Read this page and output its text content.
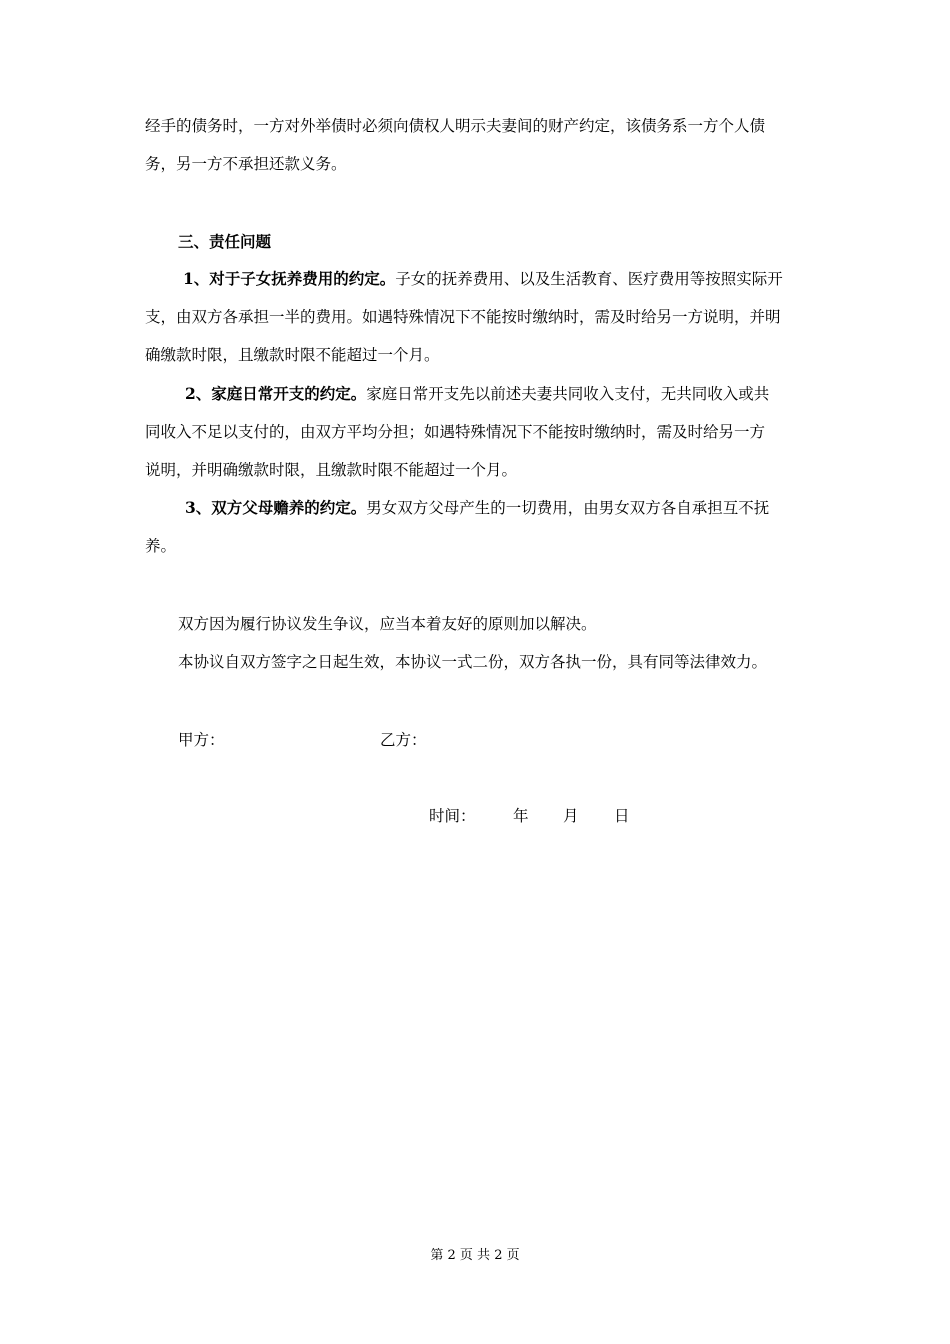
经手的债务时，一方对外举债时必须向债权人明示夫妻间的财产约定，该债务系一方个人债
务，另一方不承担还款义务。
三、责任问题
1、对于子女抚养费用的约定。子女的抚养费用、以及生活教育、医疗费用等按照实际开
支，由双方各承担一半的费用。如遇特殊情况下不能按时缴纳时，需及时给另一方说明，并明
确缴款时限，且缴款时限不能超过一个月。
2、家庭日常开支的约定。家庭日常开支先以前述夫妻共同收入支付，无共同收入或共
同收入不足以支付的，由双方平均分担；如遇特殊情况下不能按时缴纳时，需及时给另一方
说明，并明确缴款时限，且缴款时限不能超过一个月。
3、双方父母赡养的约定。男女双方父母产生的一切费用，由男女双方各自承担互不抚
养。
双方因为履行协议发生争议，应当本着友好的原则加以解决。
本协议自双方签字之日起生效，本协议一式二份，双方各执一份，具有同等法律效力。
甲方：	乙方：
时间： 年 月 日
第 2 页 共 2 页
